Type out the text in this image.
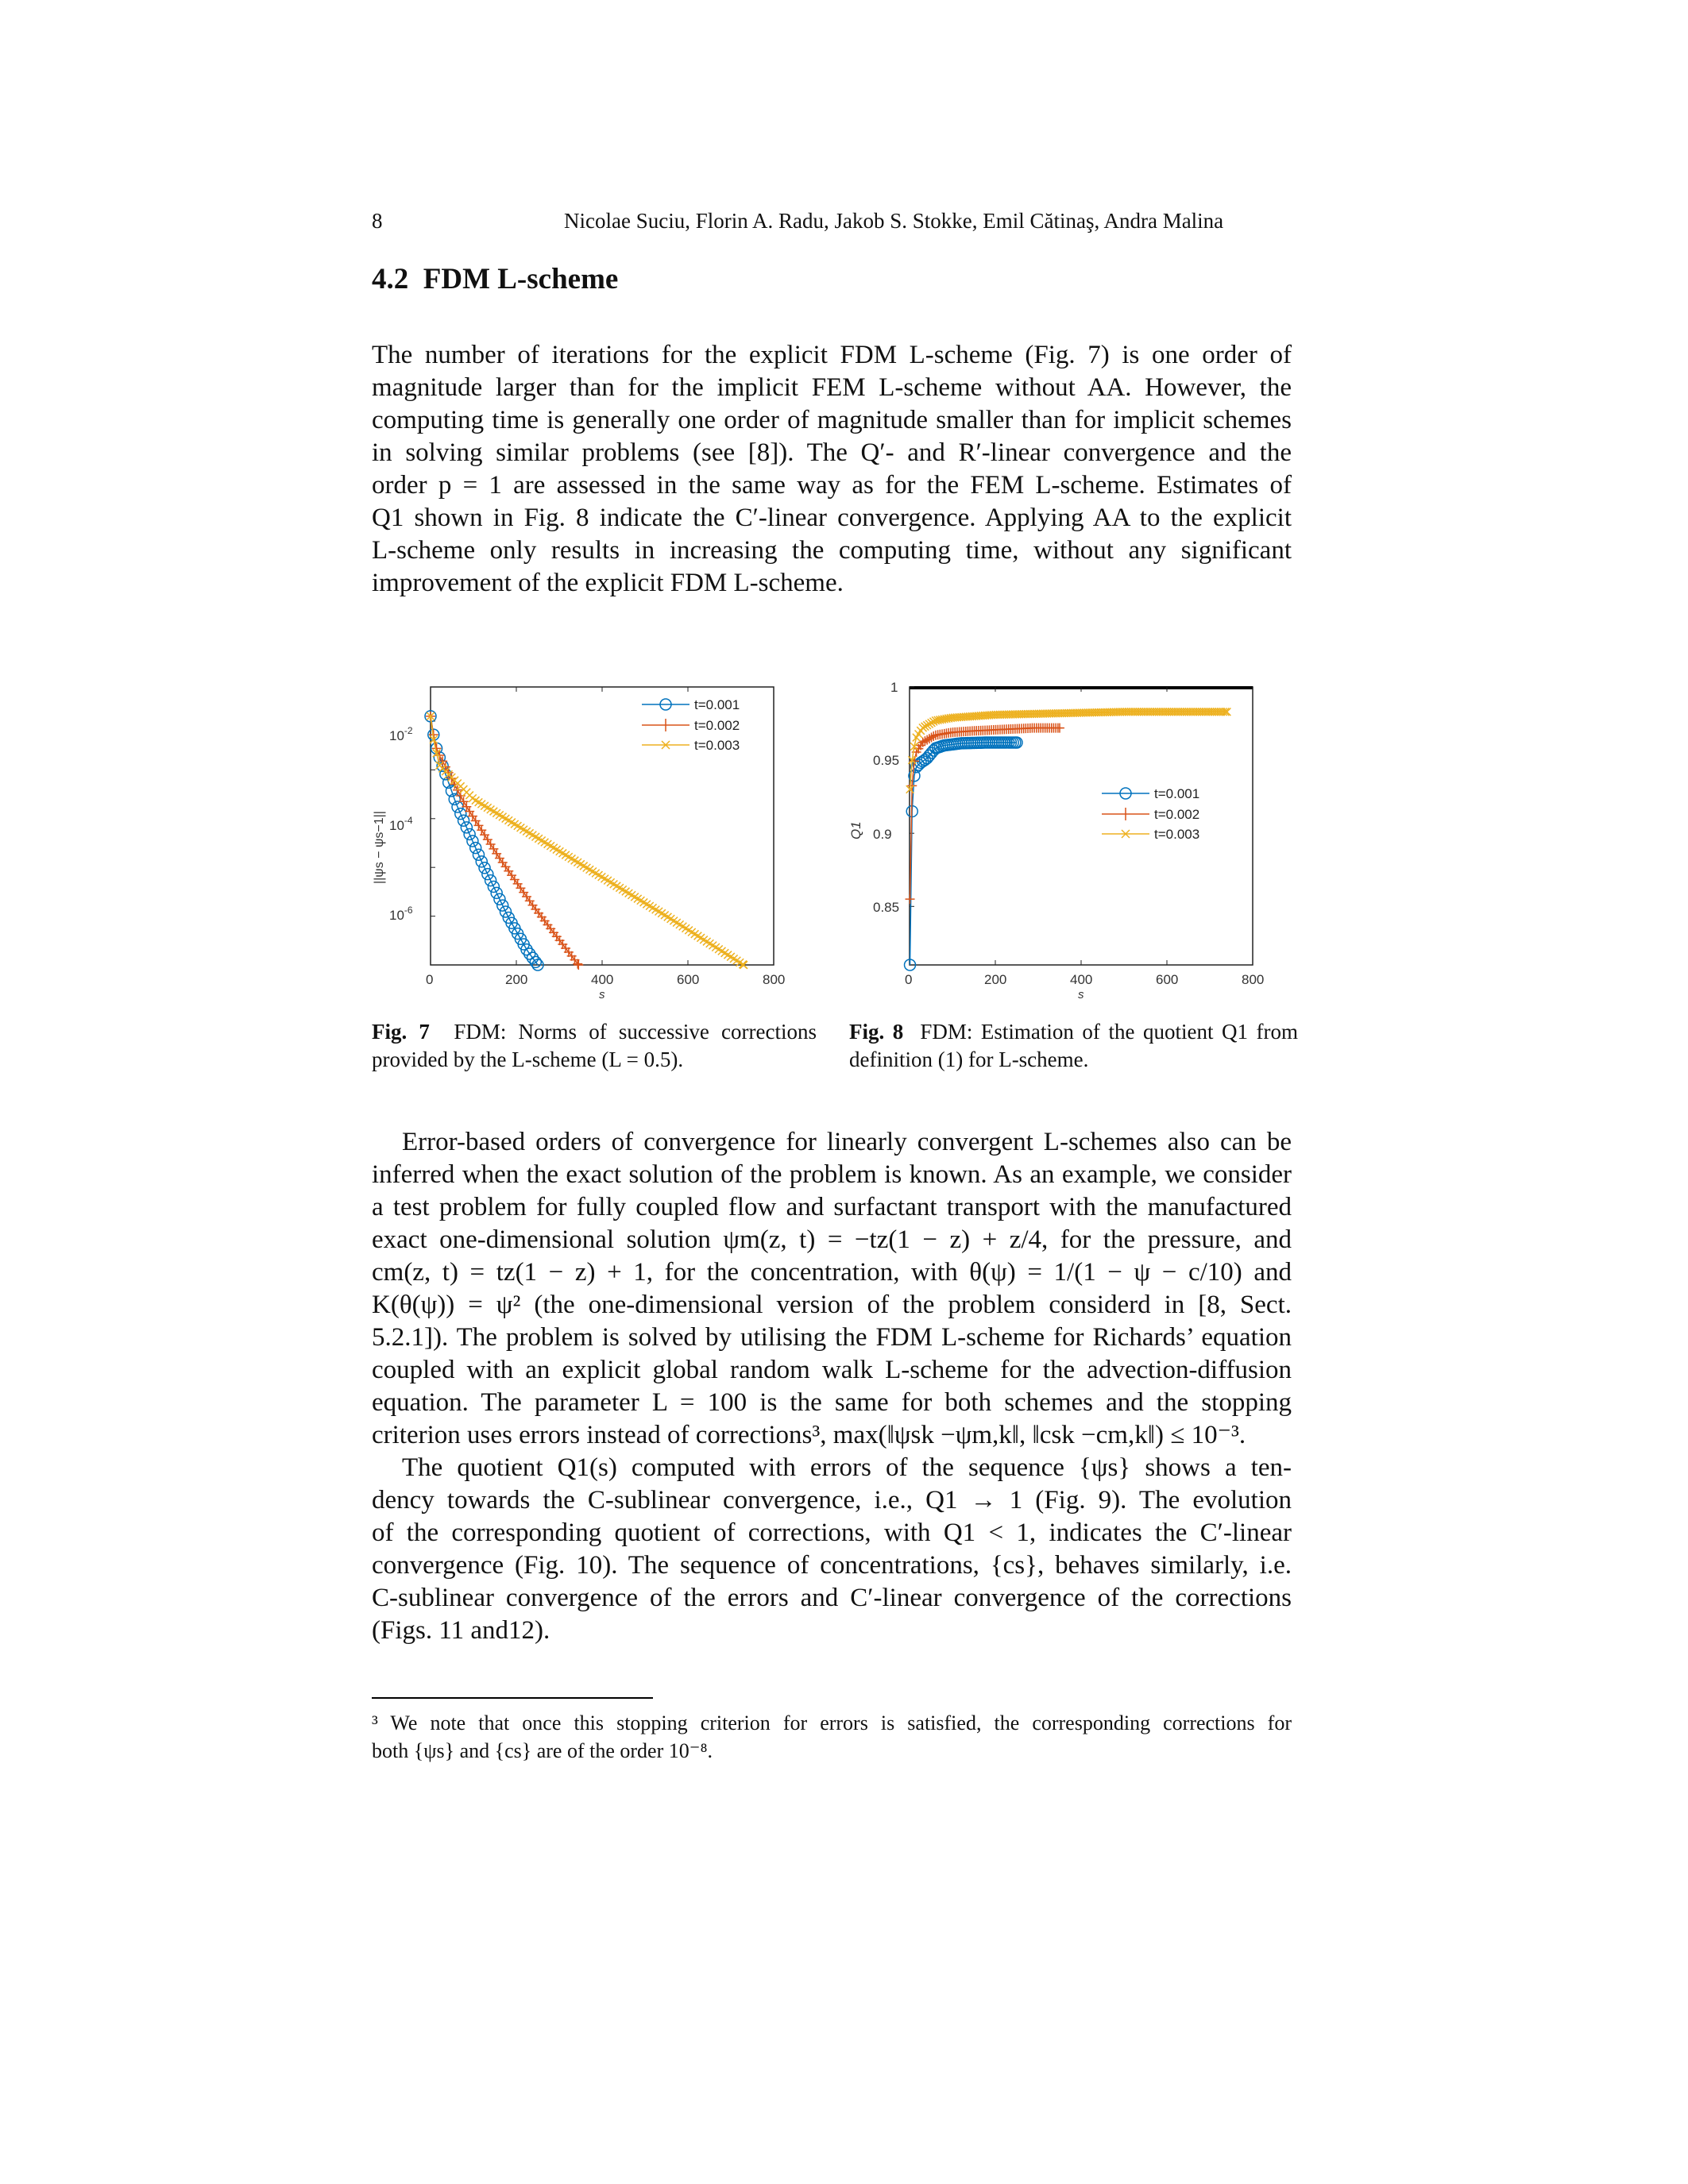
8	Nicolae Suciu, Florin A. Radu, Jakob S. Stokke, Emil Cătinaş, Andra Malina
4.2 FDM L-scheme
The number of iterations for the explicit FDM L-scheme (Fig. 7) is one order of
magnitude larger than for the implicit FEM L-scheme without AA. However, the
computing time is generally one order of magnitude smaller than for implicit schemes
in solving similar problems (see [8]). The Q′- and R′-linear convergence and the
order p = 1 are assessed in the same way as for the FEM L-scheme. Estimates of
Q1 shown in Fig. 8 indicate the C′-linear convergence. Applying AA to the explicit
L-scheme only results in increasing the computing time, without any significant
improvement of the explicit FDM L-scheme.
$10^{-2}$
$10^{-4}$
$10^{-6}$
0	200	400	600	800
s
||ψs − ψs−1||
t=0.001
t=0.002
t=0.003
1
0.95
0.9
0.85
0	200	400	600	800
s
Q1
t=0.001
t=0.002
t=0.003
Fig. 7 FDM: Norms of successive corrections
provided by the L-scheme (L = 0.5).
Fig. 8 FDM: Estimation of the quotient Q1 from
definition (1) for L-scheme.
Error-based orders of convergence for linearly convergent L-schemes also can be
inferred when the exact solution of the problem is known. As an example, we consider
a test problem for fully coupled flow and surfactant transport with the manufactured
exact one-dimensional solution ψm(z, t) = −tz(1 − z) + z/4, for the pressure, and
cm(z, t) = tz(1 − z) + 1, for the concentration, with θ(ψ) = 1/(1 − ψ − c/10) and
K(θ(ψ)) = ψ² (the one-dimensional version of the problem considerd in [8, Sect.
5.2.1]). The problem is solved by utilising the FDM L-scheme for Richards’ equation
coupled with an explicit global random walk L-scheme for the advection-diffusion
equation. The parameter L = 100 is the same for both schemes and the stopping
criterion uses errors instead of corrections³, max(‖ψsk −ψm,k‖, ‖csk −cm,k‖) ≤ 10⁻³.
The quotient Q1(s) computed with errors of the sequence {ψs} shows a ten-
dency towards the C-sublinear convergence, i.e., Q1 → 1 (Fig. 9). The evolution
of the corresponding quotient of corrections, with Q1 < 1, indicates the C′-linear
convergence (Fig. 10). The sequence of concentrations, {cs}, behaves similarly, i.e.
C-sublinear convergence of the errors and C′-linear convergence of the corrections
(Figs. 11 and12).
³ We note that once this stopping criterion for errors is satisfied, the corresponding corrections for
both {ψs} and {cs} are of the order 10⁻⁸.
